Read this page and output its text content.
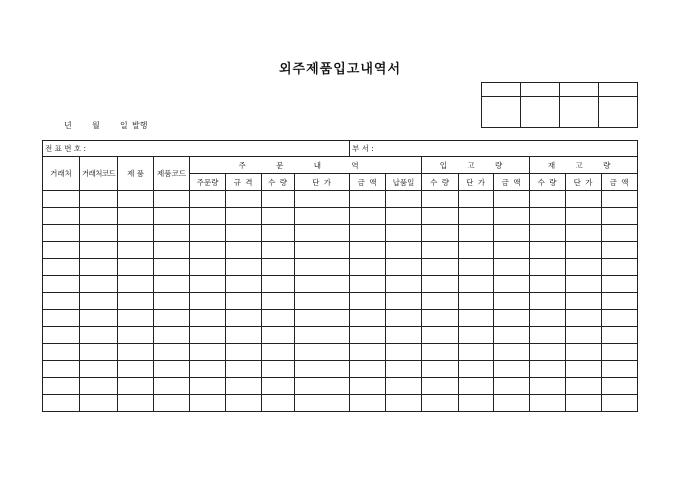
외주제품입고내역서

년	월	일 발행
전 표 번 호 :								부 서 :							
거래처	거래처코드	제 품	제품코드	주 문 내 역						입 고 량			재 고 량		
				주문량	규 격	수 량	단 가	금 액	납품일	수 량	단 가	금 액	수 량	단 가	금 액
